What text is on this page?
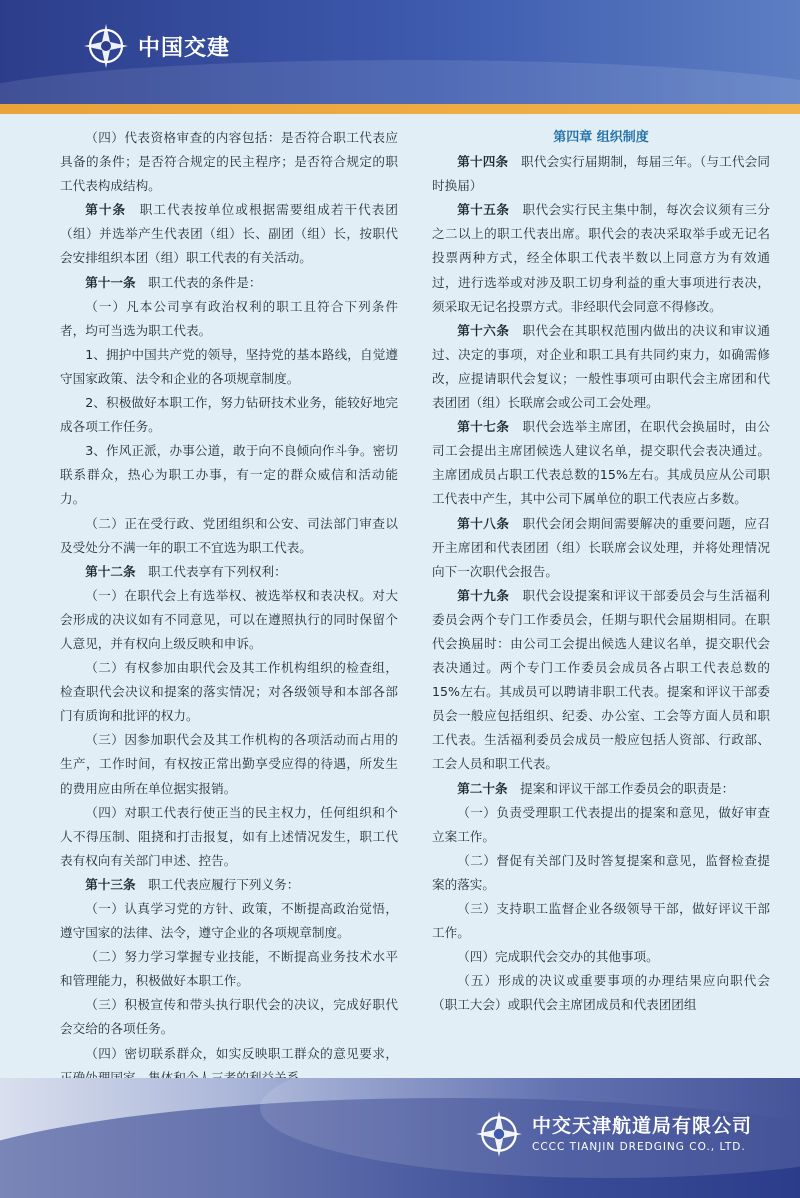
中国交建

（四）代表资格审查的内容包括：是否符合职工代表应具备的条件；是否符合规定的民主程序；是否符合规定的职工代表构成结构。

第十条  职工代表按单位或根据需要组成若干代表团（组）并选举产生代表团（组）长、副团（组）长，按职代会安排组织本团（组）职工代表的有关活动。

第十一条  职工代表的条件是：

（一）凡本公司享有政治权利的职工且符合下列条件者，均可当选为职工代表。

1、拥护中国共产党的领导，坚持党的基本路线，自觉遵守国家政策、法令和企业的各项规章制度。

2、积极做好本职工作，努力钻研技术业务，能较好地完成各项工作任务。

3、作风正派，办事公道，敢于向不良倾向作斗争。密切联系群众，热心为职工办事，有一定的群众威信和活动能力。

（二）正在受行政、党团组织和公安、司法部门审查以及受处分不满一年的职工不宜选为职工代表。

第十二条  职工代表享有下列权利：

（一）在职代会上有选举权、被选举权和表决权。对大会形成的决议如有不同意见，可以在遵照执行的同时保留个人意见，并有权向上级反映和申诉。

（二）有权参加由职代会及其工作机构组织的检查组，检查职代会决议和提案的落实情况；对各级领导和本部各部门有质询和批评的权力。

（三）因参加职代会及其工作机构的各项活动而占用的生产，工作时间，有权按正常出勤享受应得的待遇，所发生的费用应由所在单位据实报销。

（四）对职工代表行使正当的民主权力，任何组织和个人不得压制、阻挠和打击报复，如有上述情况发生，职工代表有权向有关部门申述、控告。

第十三条  职工代表应履行下列义务：

（一）认真学习党的方针、政策，不断提高政治觉悟，遵守国家的法律、法令，遵守企业的各项规章制度。

（二）努力学习掌握专业技能，不断提高业务技术水平和管理能力，积极做好本职工作。

（三）积极宣传和带头执行职代会的决议，完成好职代会交给的各项任务。

（四）密切联系群众，如实反映职工群众的意见要求，

第四章 组织制度

第十四条  职代会实行届期制，每届三年。（与工代会同时换届）

第十五条  职代会实行民主集中制，每次会议须有三分之二以上的职工代表出席。职代会的表决采取举手或无记名投票两种方式，经全体职工代表半数以上同意方为有效通过，进行选举或对涉及职工切身利益的重大事项进行表决，须采取无记名投票方式。非经职代会同意不得修改。

第十六条  职代会在其职权范围内做出的决议和审议通过、决定的事项，对企业和职工具有共同约束力，如确需修改，应提请职代会复议；一般性事项可由职代会主席团和代表团团（组）长联席会或公司工会处理。

第十七条  职代会选举主席团，在职代会换届时，由公司工会提出主席团候选人建议名单，提交职代会表决通过。主席团成员占职工代表总数的15%左右。其成员应从公司职工代表中产生，其中公司下属单位的职工代表应占多数。

第十八条  职代会闭会期间需要解决的重要问题，应召开主席团和代表团团（组）长联席会议处理，并将处理情况向下一次职代会报告。

第十九条  职代会设提案和评议干部委员会与生活福利委员会两个专门工作委员会，任期与职代会届期相同。在职代会换届时：由公司工会提出候选人建议名单，提交职代会表决通过。两个专门工作委员会成员各占职工代表总数的15%左右。其成员可以聘请非职工代表。提案和评议干部委员会一般应包括组织、纪委、办公室、工会等方面人员和职工代表。生活福利委员会成员一般应包括人资部、行政部、工会人员和职工代表。

第二十条  提案和评议干部工作委员会的职责是：

（一）负责受理职工代表提出的提案和意见，做好审查立案工作。

（二）督促有关部门及时答复提案和意见，监督检查提案的落实。

（三）支持职工监督企业各级领导干部，做好评议干部工作。

（四）完成职代会交办的其他事项。

（五）形成的决议或重要事项的办理结果应向职代会（职工大会）或职代会主席团成员和代表团团组

中交天津航道局有限公司
CCCC TIANJIN DREDGING CO., LTD.
